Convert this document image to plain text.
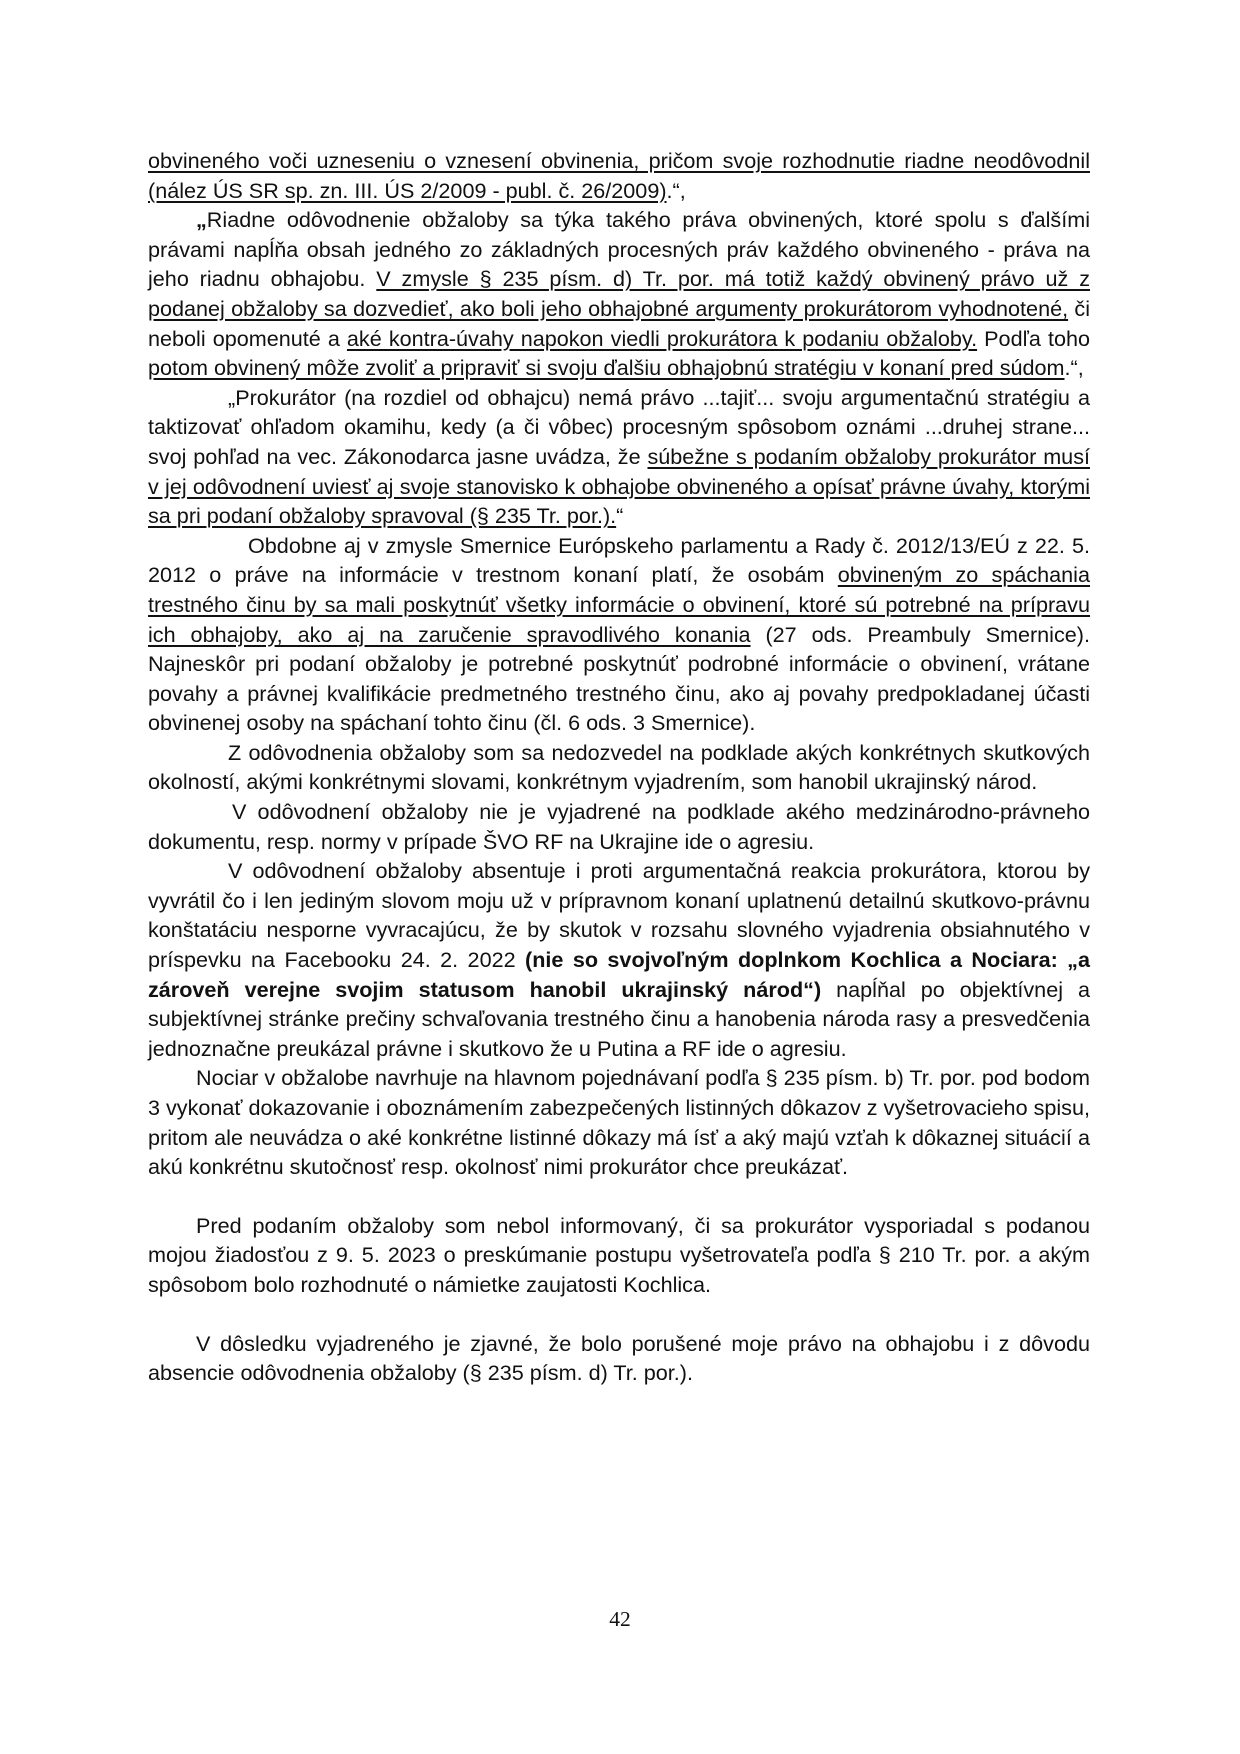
obvineného voči uzneseniu o vznesení obvinenia, pričom svoje rozhodnutie riadne neodôvodnil (nález ÚS SR sp. zn. III. ÚS 2/2009 - publ. č. 26/2009).“,

„Riadne odôvodnenie obžaloby sa týka takého práva obvinených, ktoré spolu s ďalšími právami napĺňa obsah jedného zo základných procesných práv každého obvineného - práva na jeho riadnu obhajobu. V zmysle § 235 písm. d) Tr. por. má totiž každý obvinený právo už z podanej obžaloby sa dozvedieť, ako boli jeho obhajobné argumenty prokurátorom vyhodnotené, či neboli opomenuté a aké kontra-úvahy napokon viedli prokurátora k podaniu obžaloby. Podľa toho potom obvinený môže zvoliť a pripraviť si svoju ďalšiu obhajobnú stratégiu v konaní pred súdom.“,

„Prokurátor (na rozdiel od obhajcu) nemá právo ...tajiť... svoju argumentačnú stratégiu a taktizovať ohľadom okamihu, kedy (a či vôbec) procesným spôsobom oznámi ...druhej strane... svoj pohľad na vec. Zákonodarca jasne uvádza, že súbežne s podaním obžaloby prokurátor musí v jej odôvodnení uviesť aj svoje stanovisko k obhajobe obvineného a opísať právne úvahy, ktorými sa pri podaní obžaloby spravoval (§ 235 Tr. por.).“

Obdobne aj v zmysle Smernice Európskeho parlamentu a Rady č. 2012/13/EÚ z 22. 5. 2012 o práve na informácie v trestnom konaní platí, že osobám obvineným zo spáchania trestného činu by sa mali poskytnúť všetky informácie o obvinení, ktoré sú potrebné na prípravu ich obhajoby, ako aj na zaručenie spravodlivého konania (27 ods. Preambuly Smernice). Najneskôr pri podaní obžaloby je potrebné poskytnúť podrobné informácie o obvinení, vrátane povahy a právnej kvalifikácie predmetného trestného činu, ako aj povahy predpokladanej účasti obvinenej osoby na spáchaní tohto činu (čl. 6 ods. 3 Smernice).

Z odôvodnenia obžaloby som sa nedozvedel na podklade akých konkrétnych skutkových okolností, akými konkrétnymi slovami, konkrétnym vyjadrením, som hanobil ukrajinský národ.

V odôvodnení obžaloby nie je vyjadrené na podklade akého medzinárodno-právneho dokumentu, resp. normy v prípade ŠVO RF na Ukrajine ide o agresiu.

V odôvodnení obžaloby absentuje i proti argumentačná reakcia prokurátora, ktorou by vyvrátil čo i len jediným slovom moju už v prípravnom konaní uplatnenú detailnú skutkovo-právnu konštatáciu nesporne vyvracajúcu, že by skutok v rozsahu slovného vyjadrenia obsiahnutého v príspevku na Facebooku 24. 2. 2022 (nie so svojvoľným doplnkom Kochlica a Nociara: „a zároveň verejne svojim statusom hanobil ukrajinský národ“) napĺňal po objektívnej a subjektívnej stránke prečiny schvaľovania trestného činu a hanobenia národa rasy a presvedčenia jednoznačne preukázal právne i skutkovo že u Putina a RF ide o agresiu.

Nociar v obžalobe navrhuje na hlavnom pojednávaní podľa § 235 písm. b) Tr. por. pod bodom 3 vykonať dokazovanie i oboznámením zabezpečených listinných dôkazov z vyšetrovacieho spisu, pritom ale neuvádza o aké konkrétne listinné dôkazy má ísť a aký majú vzťah k dôkaznej situácií a akú konkrétnu skutočnosť resp. okolnosť nimi prokurátor chce preukázať.

Pred podaním obžaloby som nebol informovaný, či sa prokurátor vysporiadal s podanou mojou žiadosťou z 9. 5. 2023 o preskúmanie postupu vyšetrovateľa podľa § 210 Tr. por. a akým spôsobom bolo rozhodnuté o námietke zaujatosti Kochlica.

V dôsledku vyjadreného je zjavné, že bolo porušené moje právo na obhajobu i z dôvodu absencie odôvodnenia obžaloby (§ 235 písm. d) Tr. por.).

42
